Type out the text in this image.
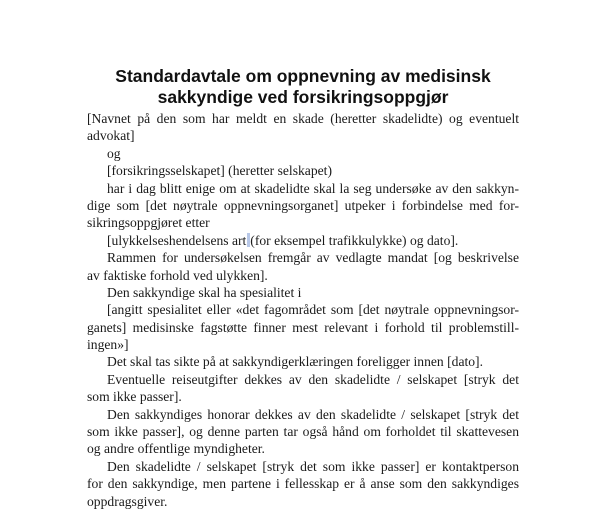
Standardavtale om oppnevning av medisinsk
sakkyndige ved forsikringsoppgjør
[Navnet på den som har meldt en skade (heretter skadelidte) og eventuelt
advokat]
og
[forsikringsselskapet] (heretter selskapet)
har i dag blitt enige om at skadelidte skal la seg undersøke av den sakkyn-
dige som [det nøytrale oppnevningsorganet] utpeker i forbindelse med for-
sikringsoppgjøret etter
[ulykkelseshendelsens art (for eksempel trafikkulykke) og dato].
Rammen for undersøkelsen fremgår av vedlagte mandat [og beskrivelse
av faktiske forhold ved ulykken].
Den sakkyndige skal ha spesialitet i
[angitt spesialitet eller «det fagområdet som [det nøytrale oppnevningsor-
ganets] medisinske fagstøtte finner mest relevant i forhold til problemstill-
ingen»]
Det skal tas sikte på at sakkyndigerklæringen foreligger innen [dato].
Eventuelle reiseutgifter dekkes av den skadelidte / selskapet [stryk det
som ikke passer].
Den sakkyndiges honorar dekkes av den skadelidte / selskapet [stryk det
som ikke passer], og denne parten tar også hånd om forholdet til skattevesen
og andre offentlige myndigheter.
Den skadelidte / selskapet [stryk det som ikke passer] er kontaktperson
for den sakkyndige, men partene i fellesskap er å anse som den sakkyndiges
oppdragsgiver.
